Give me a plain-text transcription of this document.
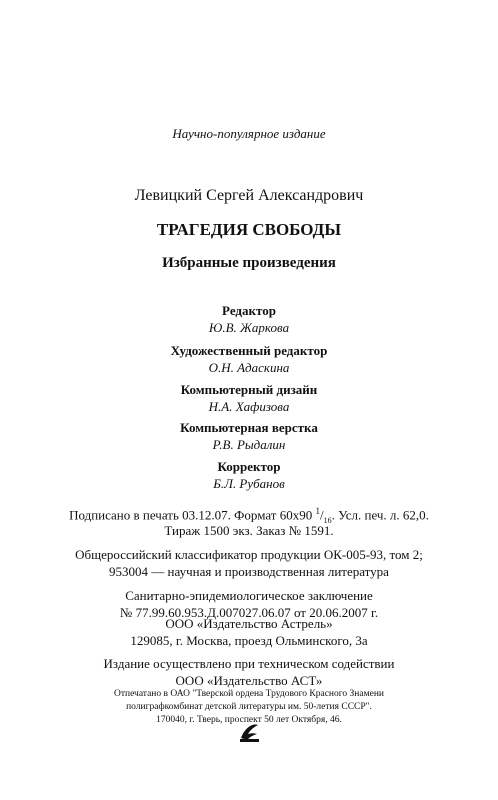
Научно-популярное издание
Левицкий Сергей Александрович
ТРАГЕДИЯ СВОБОДЫ
Избранные произведения
Редактор
Ю.В. Жаркова
Художественный редактор
О.Н. Адаскина
Компьютерный дизайн
Н.А. Хафизова
Компьютерная верстка
Р.В. Рыдалин
Корректор
Б.Л. Рубанов
Подписано в печать 03.12.07. Формат 60x90 $^1/_{16}$. Усл. печ. л. 62,0.
Тираж 1500 экз. Заказ № 1591.
Общероссийский классификатор продукции ОК-005-93, том 2;
953004 — научная и производственная литература
Санитарно-эпидемиологическое заключение
№ 77.99.60.953.Д.007027.06.07 от 20.06.2007 г.
ООО «Издательство Астрель»
129085, г. Москва, проезд Ольминского, 3а
Издание осуществлено при техническом содействии
ООО «Издательство АСТ»
Отпечатано в ОАО "Тверской ордена Трудового Красного Знамени
полиграфкомбинат детской литературы им. 50-летия СССР".
170040, г. Тверь, проспект 50 лет Октября, 46.
